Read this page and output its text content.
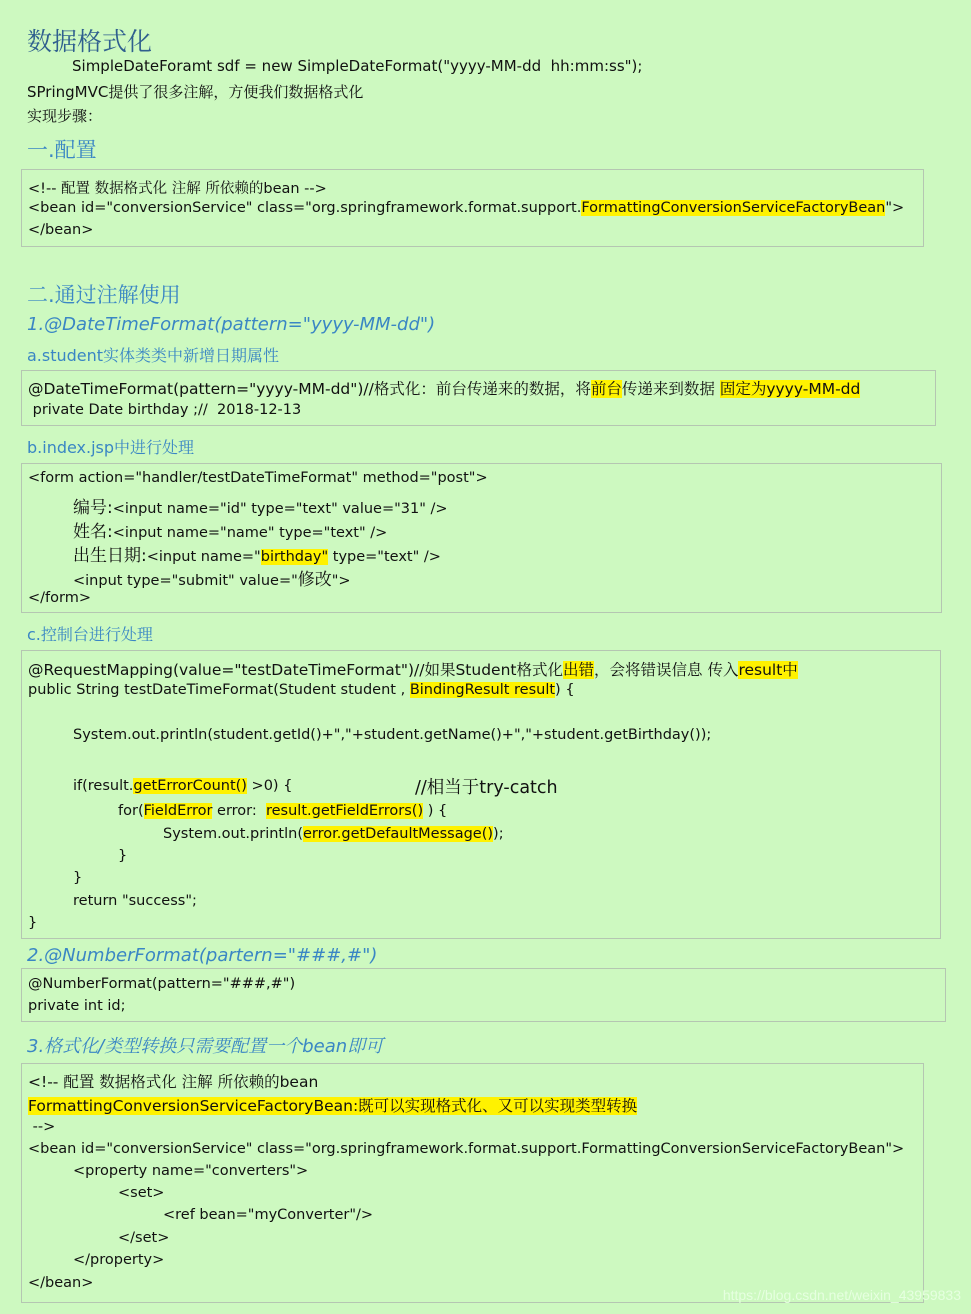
数据格式化
SimpleDateForamt sdf = new SimpleDateFormat("yyyy-MM-dd  hh:mm:ss");
SPringMVC提供了很多注解，方便我们数据格式化
实现步骤：
一.配置
<!-- 配置 数据格式化 注解 所依赖的bean -->
<bean id="conversionService" class="org.springframework.format.support.FormattingConversionServiceFactoryBean">
</bean>
二.通过注解使用
1.@DateTimeFormat(pattern="yyyy-MM-dd")
a.student实体类类中新增日期属性
@DateTimeFormat(pattern="yyyy-MM-dd")//格式化：前台传递来的数据，将前台传递来到数据 固定为yyyy-MM-dd
private Date birthday ;//  2018-12-13
b.index.jsp中进行处理
<form action="handler/testDateTimeFormat" method="post">
编号:<input name="id" type="text" value="31" />
姓名:<input name="name" type="text" />
出生日期:<input name="birthday" type="text" />
<input type="submit" value="修改">
</form>
c.控制台进行处理
@RequestMapping(value="testDateTimeFormat")//如果Student格式化出错，会将错误信息 传入result中
public String testDateTimeFormat(Student student , BindingResult result) {
System.out.println(student.getId()+","+student.getName()+","+student.getBirthday());
if(result.getErrorCount() >0) {	//相当于try-catch
for(FieldError error:  result.getFieldErrors() ) {
System.out.println(error.getDefaultMessage());
}
}
return "success";
}
2.@NumberFormat(partern="###,#")
@NumberFormat(pattern="###,#")
private int id;
3.格式化/类型转换只需要配置一个bean即可
<!-- 配置 数据格式化 注解 所依赖的bean
FormattingConversionServiceFactoryBean:既可以实现格式化、又可以实现类型转换
-->
<bean id="conversionService" class="org.springframework.format.support.FormattingConversionServiceFactoryBean">
<property name="converters">
<set>
<ref bean="myConverter"/>
</set>
</property>
</bean>
https://blog.csdn.net/weixin_43959833
